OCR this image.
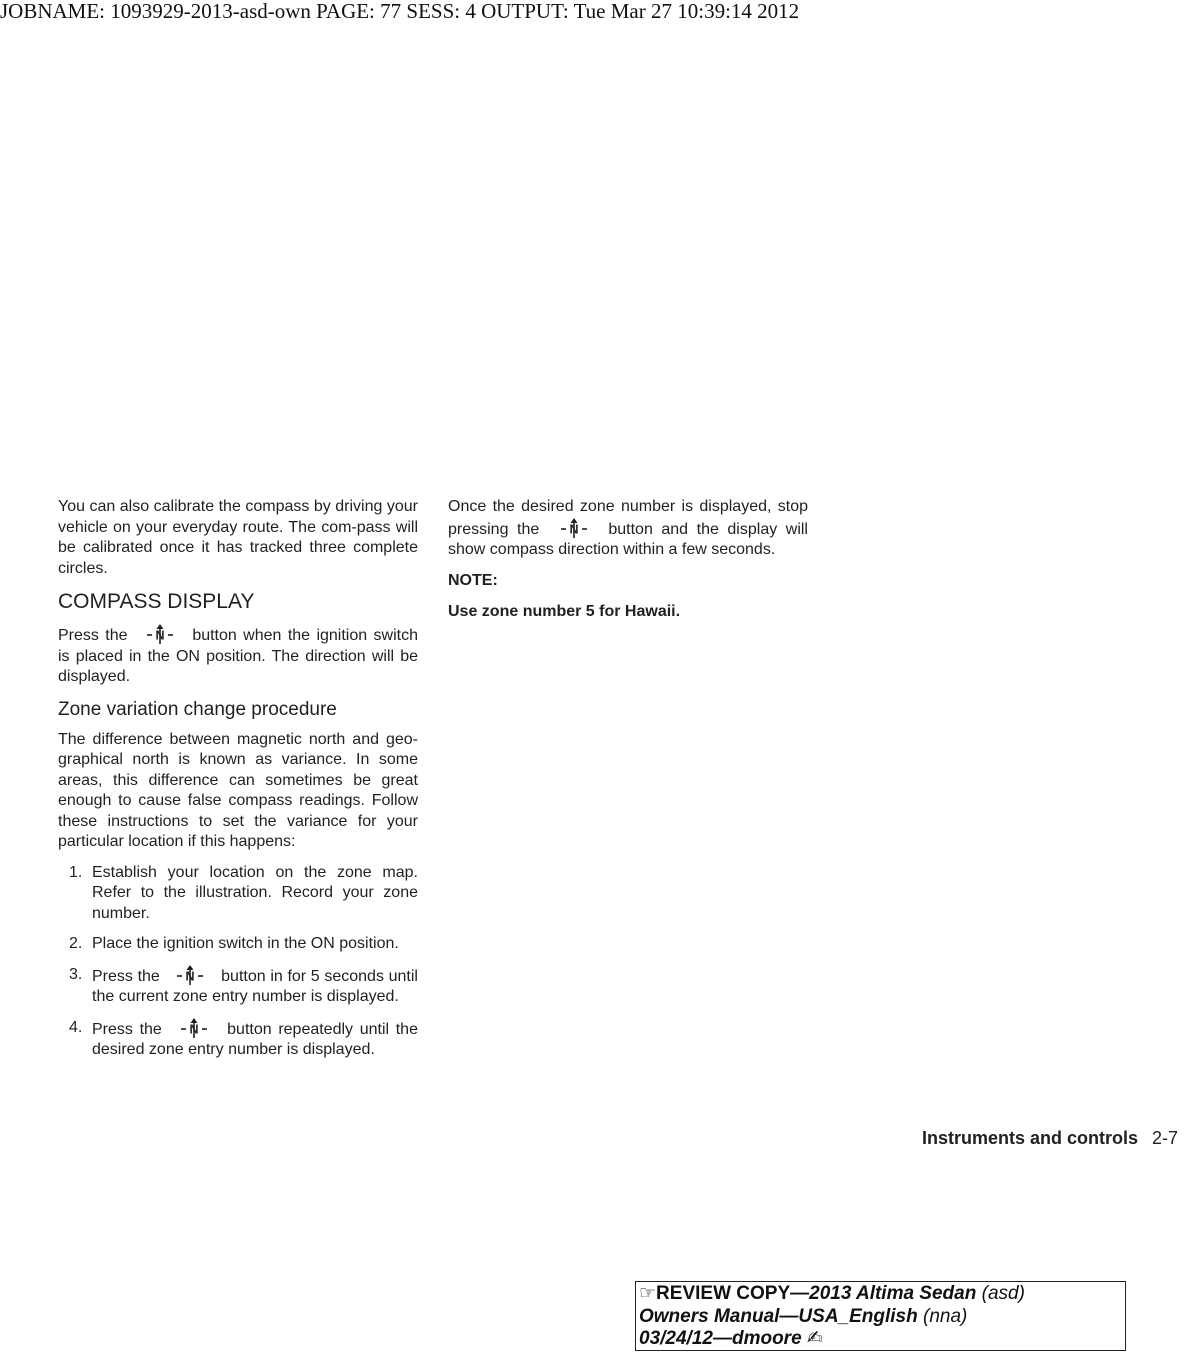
JOBNAME: 1093929-2013-asd-own PAGE: 77 SESS: 4 OUTPUT: Tue Mar 27 10:39:14 2012

You can also calibrate the compass by driving your vehicle on your everyday route. The com-pass will be calibrated once it has tracked three complete circles.

COMPASS DISPLAY

Press the N button when the ignition switch is placed in the ON position. The direction will be displayed.

Zone variation change procedure

The difference between magnetic north and geo-graphical north is known as variance. In some areas, this difference can sometimes be great enough to cause false compass readings. Follow these instructions to set the variance for your particular location if this happens:

1. Establish your location on the zone map. Refer to the illustration. Record your zone number.
2. Place the ignition switch in the ON position.
3. Press the N button in for 5 seconds until the current zone entry number is displayed.
4. Press the N button repeatedly until the desired zone entry number is displayed.

Once the desired zone number is displayed, stop pressing the N button and the display will show compass direction within a few seconds.

NOTE:

Use zone number 5 for Hawaii.

Instruments and controls 2-7
☞REVIEW COPY—2013 Altima Sedan (asd)
Owners Manual—USA_English (nna)
03/24/12—dmoore ✍
